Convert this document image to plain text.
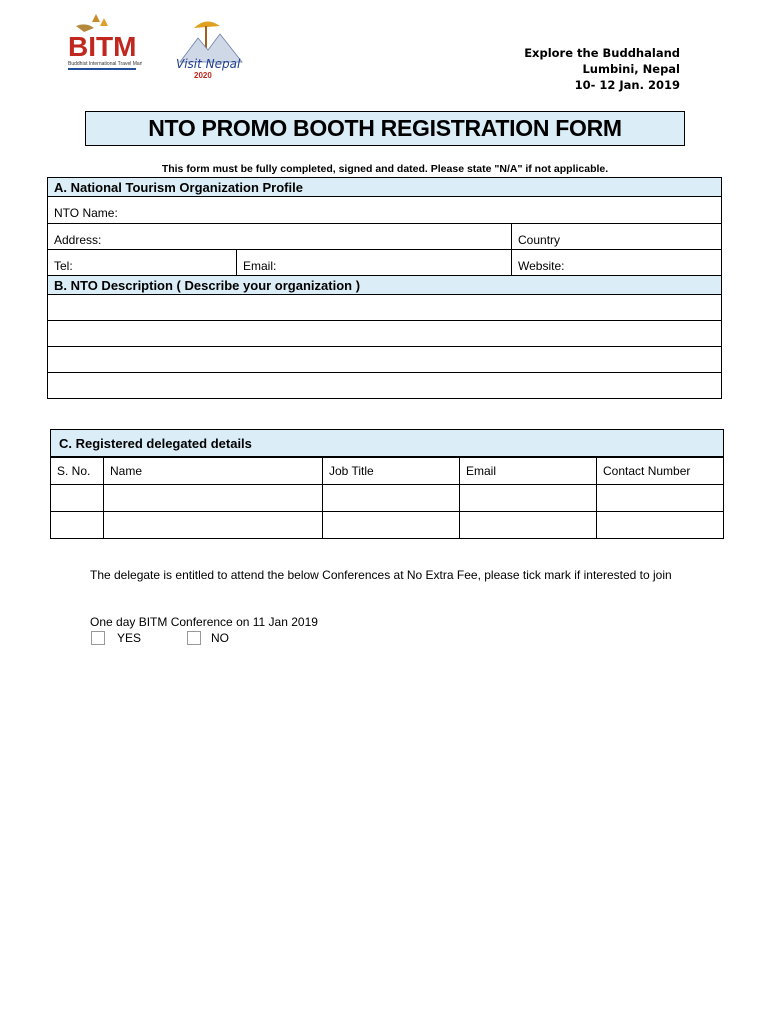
BITM
Buddhist International Travel Mart	Visit Nepal
2020
Explore the Buddhaland
Lumbini, Nepal
10- 12 Jan. 2019
NTO PROMO BOOTH REGISTRATION FORM
This form must be fully completed, signed and dated. Please state "N/A" if not applicable.
A. National Tourism Organization Profile
NTO Name:
Address:	Country
Tel:	Email:	Website:
B. NTO Description ( Describe your organization )
C. Registered delegated details
S. No.	Name	Job Title	Email	Contact Number

The delegate is entitled to attend the below Conferences at No Extra Fee, please tick mark if interested to join
One day BITM Conference on 11 Jan 2019
YES	NO
